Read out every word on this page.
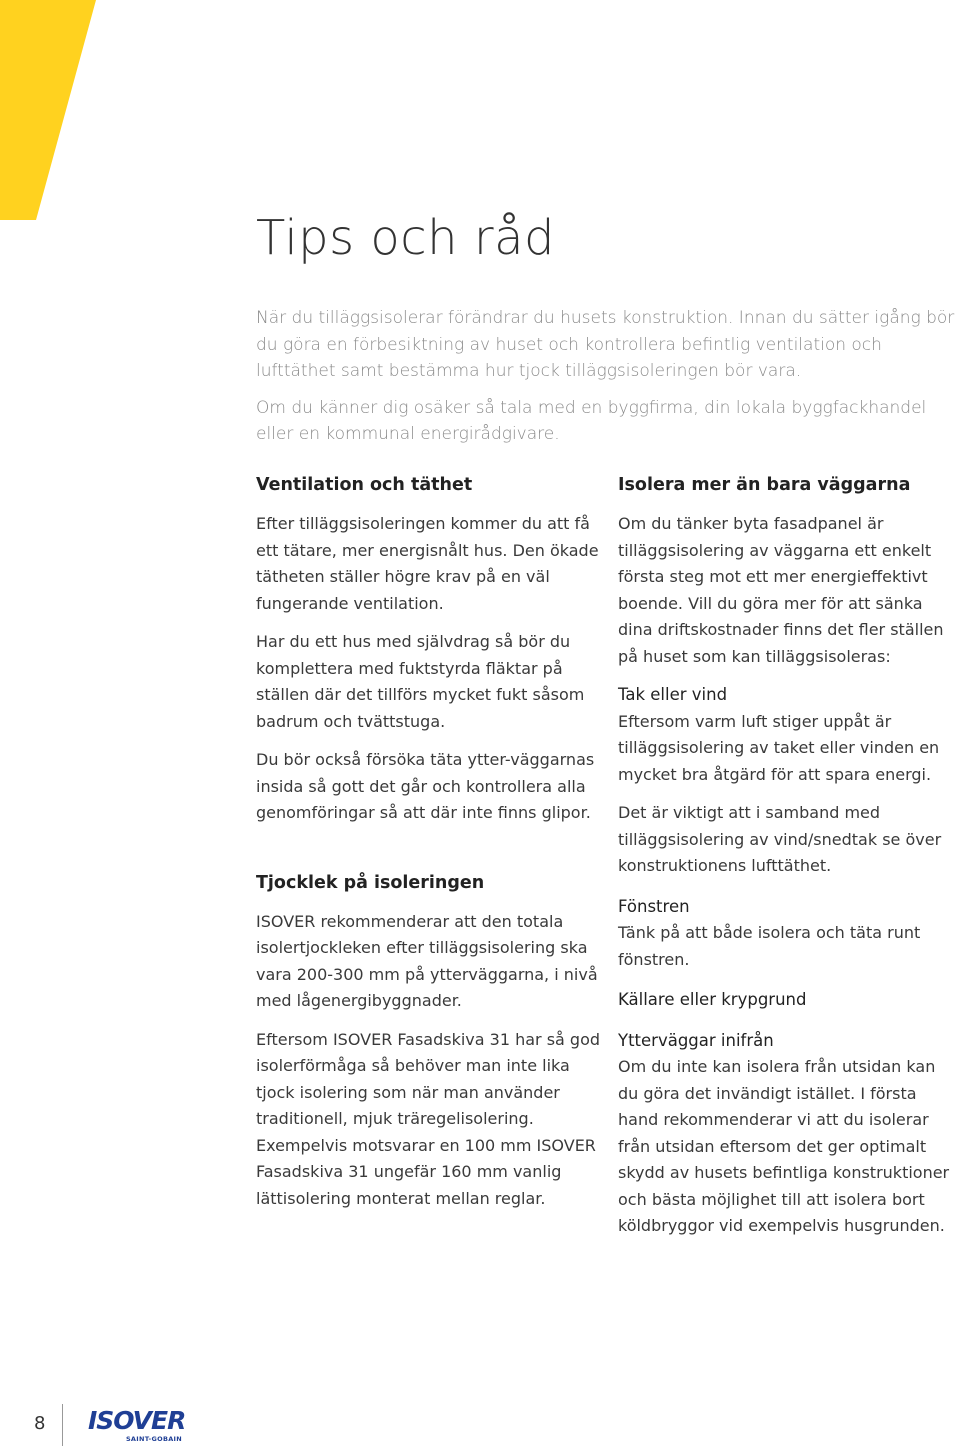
Tips och råd

När du tilläggsisolerar förändrar du husets konstruktion. Innan du sätter igång bör du göra en förbesiktning av huset och kontrollera befintlig ventilation och lufttäthet samt bestämma hur tjock tilläggsisoleringen bör vara.

Om du känner dig osäker så tala med en byggfirma, din lokala byggfackhandel eller en kommunal energirådgivare.

Ventilation och täthet

Efter tilläggsisoleringen kommer du att få ett tätare, mer energisnålt hus. Den ökade tätheten ställer högre krav på en väl fungerande ventilation.

Har du ett hus med självdrag så bör du komplettera med fuktstyrda fläktar på ställen där det tillförs mycket fukt såsom badrum och tvättstuga.

Du bör också försöka täta ytter-väggarnas insida så gott det går och kontrollera alla genomföringar så att där inte finns glipor.

Tjocklek på isoleringen

ISOVER rekommenderar att den totala isolertjockleken efter tilläggsisolering ska vara 200-300 mm på ytterväggarna, i nivå med lågenergibyggnader.

Eftersom ISOVER Fasadskiva 31 har så god isolerförmåga så behöver man inte lika tjock isolering som när man använder traditionell, mjuk träregelisolering. Exempelvis motsvarar en 100 mm ISOVER Fasadskiva 31 ungefär 160 mm vanlig lättisolering monterat mellan reglar.

Isolera mer än bara väggarna

Om du tänker byta fasadpanel är tilläggsisolering av väggarna ett enkelt första steg mot ett mer energieffektivt boende. Vill du göra mer för att sänka dina driftskostnader finns det fler ställen på huset som kan tilläggsisoleras:

Tak eller vind

Eftersom varm luft stiger uppåt är tilläggsisolering av taket eller vinden en mycket bra åtgärd för att spara energi.

Det är viktigt att i samband med tilläggsisolering av vind/snedtak se över konstruktionens lufttäthet.

Fönstren

Tänk på att både isolera och täta runt fönstren.

Källare eller krypgrund
Ytterväggar inifrån

Om du inte kan isolera från utsidan kan du göra det invändigt istället. I första hand rekommenderar vi att du isolerar från utsidan eftersom det ger optimalt skydd av husets befintliga konstruktioner och bästa möjlighet till att isolera bort köldbryggor vid exempelvis husgrunden.

8 ISOVER
SAINT-GOBAIN
